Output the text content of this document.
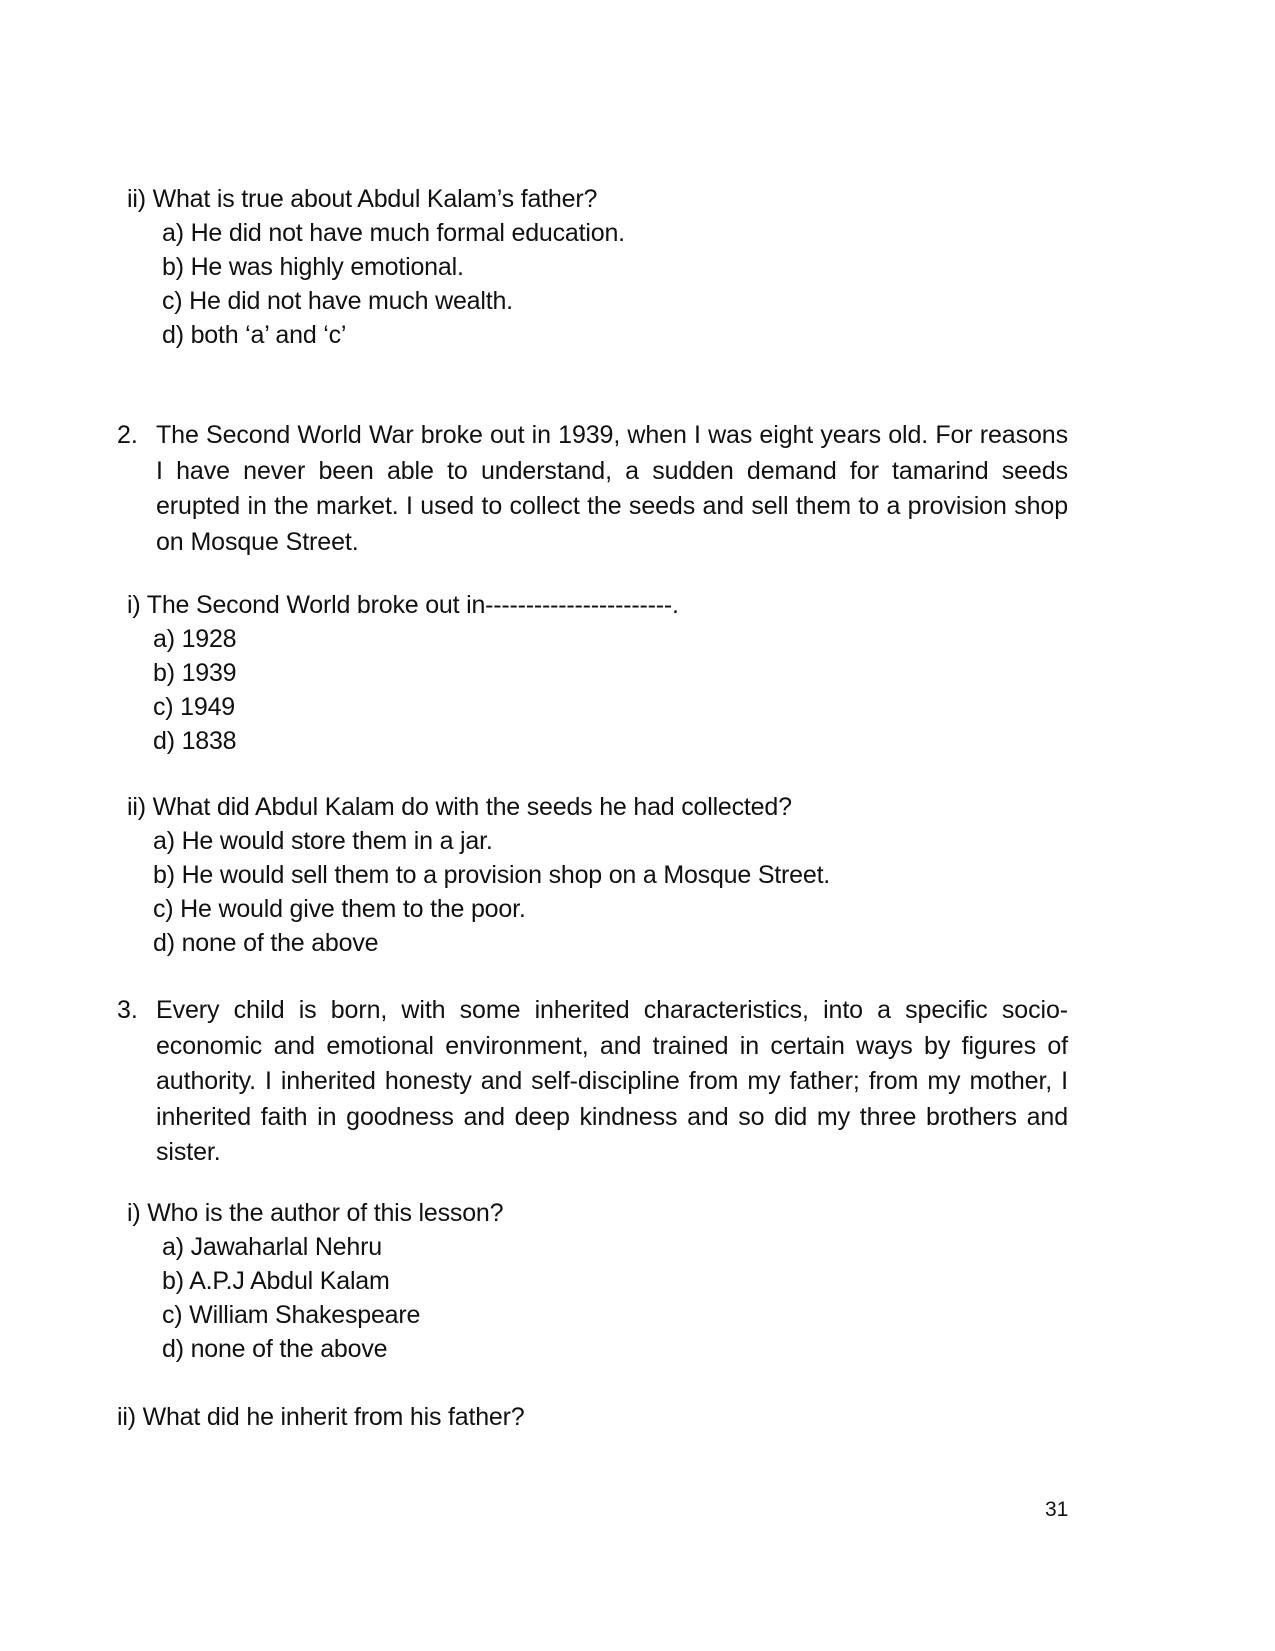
ii) What is true about Abdul Kalam’s father?

a) He did not have much formal education.

b) He was highly emotional.

c) He did not have much wealth.

d) both ‘a’ and ‘c’

2. The Second World War broke out in 1939, when I was eight years old. For reasons I have never been able to understand, a sudden demand for tamarind seeds erupted in the market. I used to collect the seeds and sell them to a provision shop on Mosque Street.

i) The Second World broke out in-----------------------.

a) 1928

b) 1939

c) 1949

d) 1838

ii) What did Abdul Kalam do with the seeds he had collected?

a) He would store them in a jar.

b) He would sell them to a provision shop on a Mosque Street.

c) He would give them to the poor.

d) none of the above

3. Every child is born, with some inherited characteristics, into a specific socio-economic and emotional environment, and trained in certain ways by figures of authority. I inherited honesty and self-discipline from my father; from my mother, I inherited faith in goodness and deep kindness and so did my three brothers and sister.

i) Who is the author of this lesson?

a) Jawaharlal Nehru

b) A.P.J Abdul Kalam

c) William Shakespeare

d) none of the above

ii) What did he inherit from his father?

31
